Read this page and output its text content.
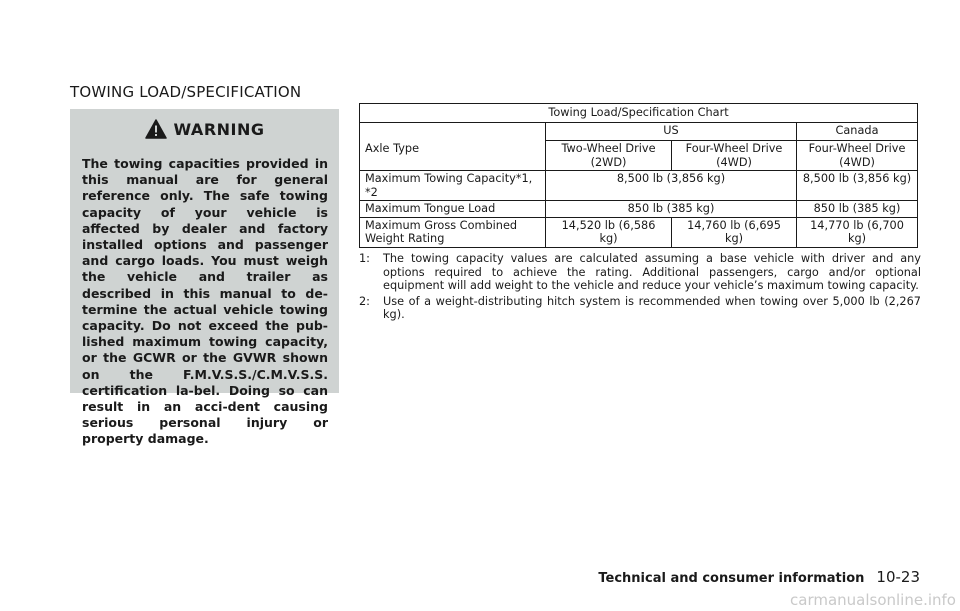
TOWING LOAD/SPECIFICATION
WARNING
The towing capacities provided in this manual are for general reference only. The safe towing capacity of your vehicle is affected by dealer and factory installed options and passenger and cargo loads. You must weigh the vehicle and trailer as described in this manual to de-termine the actual vehicle towing capacity. Do not exceed the pub-lished maximum towing capacity, or the GCWR or the GVWR shown on the F.M.V.S.S./C.M.V.S.S. certification la-bel. Doing so can result in an acci-dent causing serious personal injury or property damage.
Towing Load/Specification Chart			
	US		Canada
Axle Type	Two-Wheel Drive (2WD)	Four-Wheel Drive (4WD)	Four-Wheel Drive (4WD)
Maximum Towing Capacity*1, *2	8,500 lb (3,856 kg)		8,500 lb (3,856 kg)
Maximum Tongue Load	850 lb (385 kg)		850 lb (385 kg)
Maximum Gross Combined Weight Rating	14,520 lb (6,586 kg)	14,760 lb (6,695 kg)	14,770 lb (6,700 kg)
1:	The towing capacity values are calculated assuming a base vehicle with driver and any options required to achieve the rating. Additional passengers, cargo and/or optional equipment will add weight to the vehicle and reduce your vehicle’s maximum towing capacity.
2:	Use of a weight-distributing hitch system is recommended when towing over 5,000 lb (2,267 kg).
Technical and consumer information 10-23
carmanualsonline.info
